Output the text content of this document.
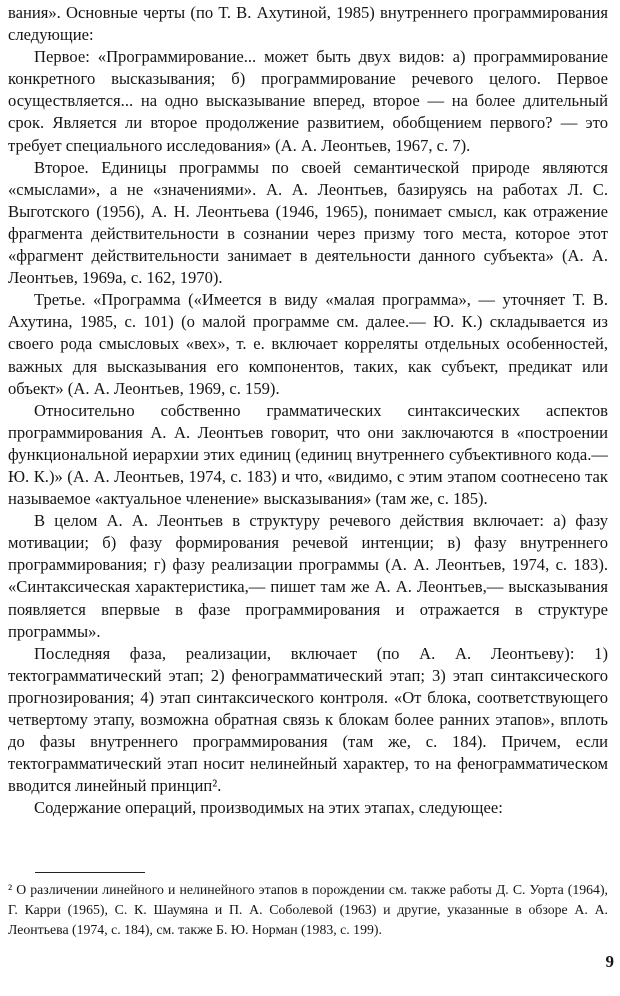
вания». Основные черты (по Т. В. Ахутиной, 1985) внутреннего программирования следующие:

Первое: «Программирование... может быть двух видов: а) программирование конкретного высказывания; б) программирование речевого целого. Первое осуществляется... на одно высказывание вперед, второе — на более длительный срок. Является ли второе продолжение развитием, обобщением первого? — это требует специального исследования» (А. А. Леонтьев, 1967, с. 7).

Второе. Единицы программы по своей семантической природе являются «смыслами», а не «значениями». А. А. Леонтьев, базируясь на работах Л. С. Выготского (1956), А. Н. Леонтьева (1946, 1965), понимает смысл, как отражение фрагмента действительности в сознании через призму того места, которое этот «фрагмент действительности занимает в деятельности данного субъекта» (А. А. Леонтьев, 1969а, с. 162, 1970).

Третье. «Программа («Имеется в виду «малая программа», — уточняет Т. В. Ахутина, 1985, с. 101) (о малой программе см. далее.— Ю. К.) складывается из своего рода смысловых «вех», т. е. включает корреляты отдельных особенностей, важных для высказывания его компонентов, таких, как субъект, предикат или объект» (А. А. Леонтьев, 1969, с. 159).

Относительно собственно грамматических синтаксических аспектов программирования А. А. Леонтьев говорит, что они заключаются в «построении функциональной иерархии этих единиц (единиц внутреннего субъективного кода.— Ю. К.)» (А. А. Леонтьев, 1974, с. 183) и что, «видимо, с этим этапом соотнесено так называемое «актуальное членение» высказывания» (там же, с. 185).

В целом А. А. Леонтьев в структуру речевого действия включает: а) фазу мотивации; б) фазу формирования речевой интенции; в) фазу внутреннего программирования; г) фазу реализации программы (А. А. Леонтьев, 1974, с. 183). «Синтаксическая характеристика,— пишет там же А. А. Леонтьев,— высказывания появляется впервые в фазе программирования и отражается в структуре программы».

Последняя фаза, реализации, включает (по А. А. Леонтьеву): 1) тектограмматический этап; 2) фенограмматический этап; 3) этап синтаксического прогнозирования; 4) этап синтаксического контроля. «От блока, соответствующего четвертому этапу, возможна обратная связь к блокам более ранних этапов», вплоть до фазы внутреннего программирования (там же, с. 184). Причем, если тектограмматический этап носит нелинейный характер, то на фенограмматическом вводится линейный принцип².

Содержание операций, производимых на этих этапах, следующее:

² О различении линейного и нелинейного этапов в порождении см. также работы Д. С. Уорта (1964), Г. Карри (1965), С. К. Шаумяна и П. А. Соболевой (1963) и другие, указанные в обзоре А. А. Леонтьева (1974, с. 184), см. также Б. Ю. Норман (1983, с. 199).

9
